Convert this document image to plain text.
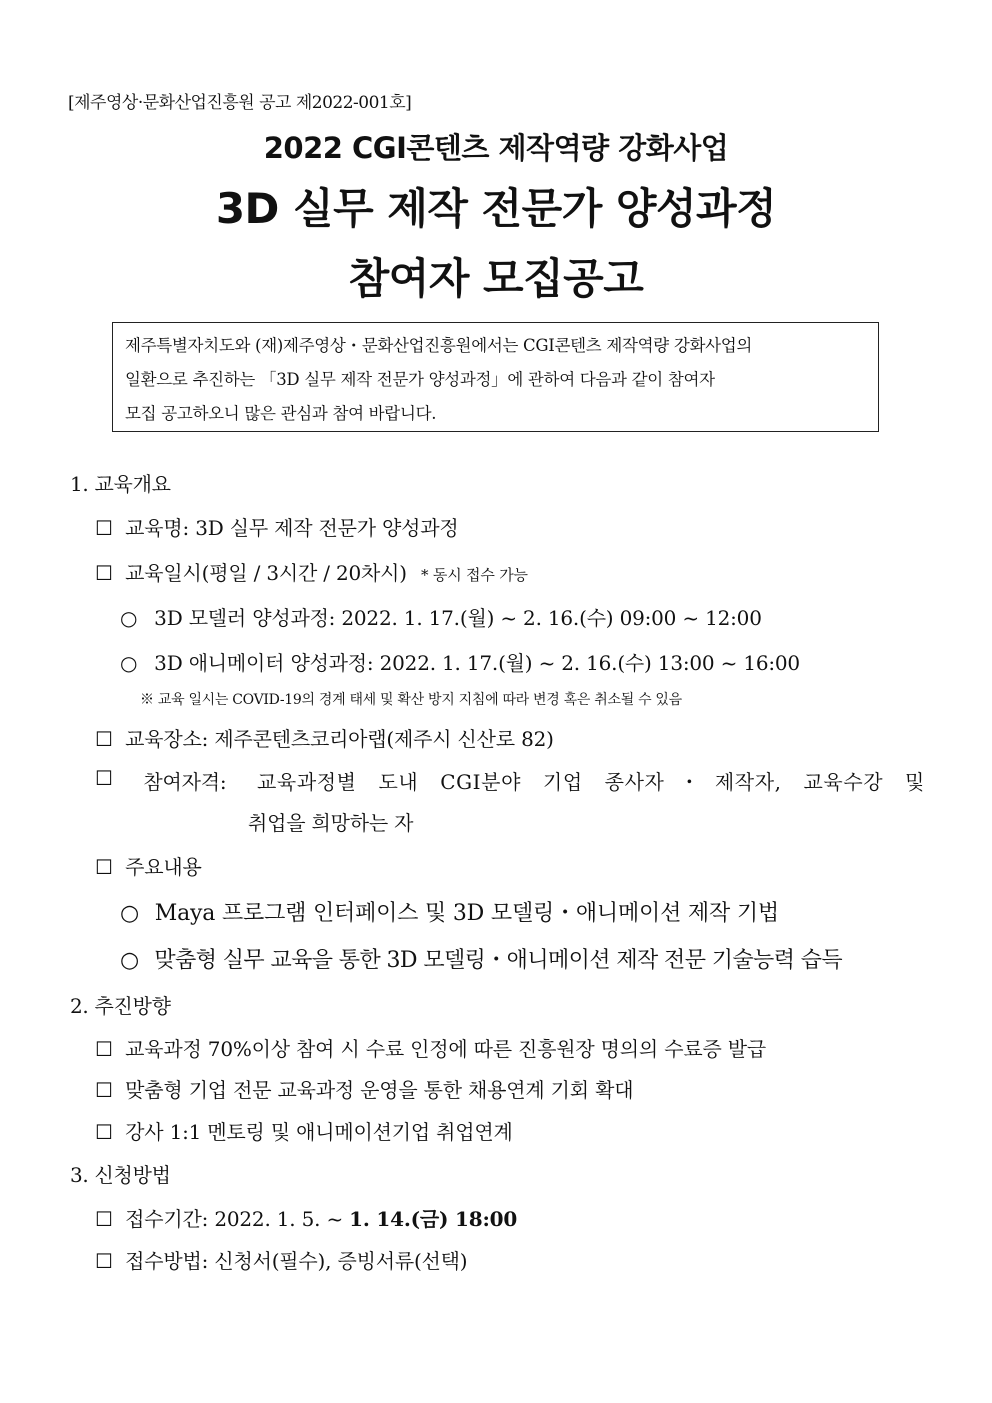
[제주영상·문화산업진흥원 공고 제2022-001호]
2022 CGI콘텐츠 제작역량 강화사업
3D 실무 제작 전문가 양성과정
참여자 모집공고
제주특별자치도와 (재)제주영상・문화산업진흥원에서는 CGI콘텐츠 제작역량 강화사업의
일환으로 추진하는 「3D 실무 제작 전문가 양성과정」에 관하여 다음과 같이 참여자
모집 공고하오니 많은 관심과 참여 바랍니다.
1. 교육개요
☐ 교육명: 3D 실무 제작 전문가 양성과정
☐ 교육일시(평일 / 3시간 / 20차시) * 동시 접수 가능
○ 3D 모델러 양성과정: 2022. 1. 17.(월) ~ 2. 16.(수) 09:00 ~ 12:00
○ 3D 애니메이터 양성과정: 2022. 1. 17.(월) ~ 2. 16.(수) 13:00 ~ 16:00
※ 교육 일시는 COVID-19의 경계 태세 및 확산 방지 지침에 따라 변경 혹은 취소될 수 있음
☐ 교육장소: 제주콘텐츠코리아랩(제주시 신산로 82)
☐ 참여자격: 교육과정별 도내 CGI분야 기업 종사자・제작자, 교육수강 및
취업을 희망하는 자
☐ 주요내용
○ Maya 프로그램 인터페이스 및 3D 모델링・애니메이션 제작 기법
○ 맞춤형 실무 교육을 통한 3D 모델링・애니메이션 제작 전문 기술능력 습득
2. 추진방향
☐ 교육과정 70%이상 참여 시 수료 인정에 따른 진흥원장 명의의 수료증 발급
☐ 맞춤형 기업 전문 교육과정 운영을 통한 채용연계 기회 확대
☐ 강사 1:1 멘토링 및 애니메이션기업 취업연계
3. 신청방법
☐ 접수기간: 2022. 1. 5. ~ 1. 14.(금) 18:00
☐ 접수방법: 신청서(필수), 증빙서류(선택)
